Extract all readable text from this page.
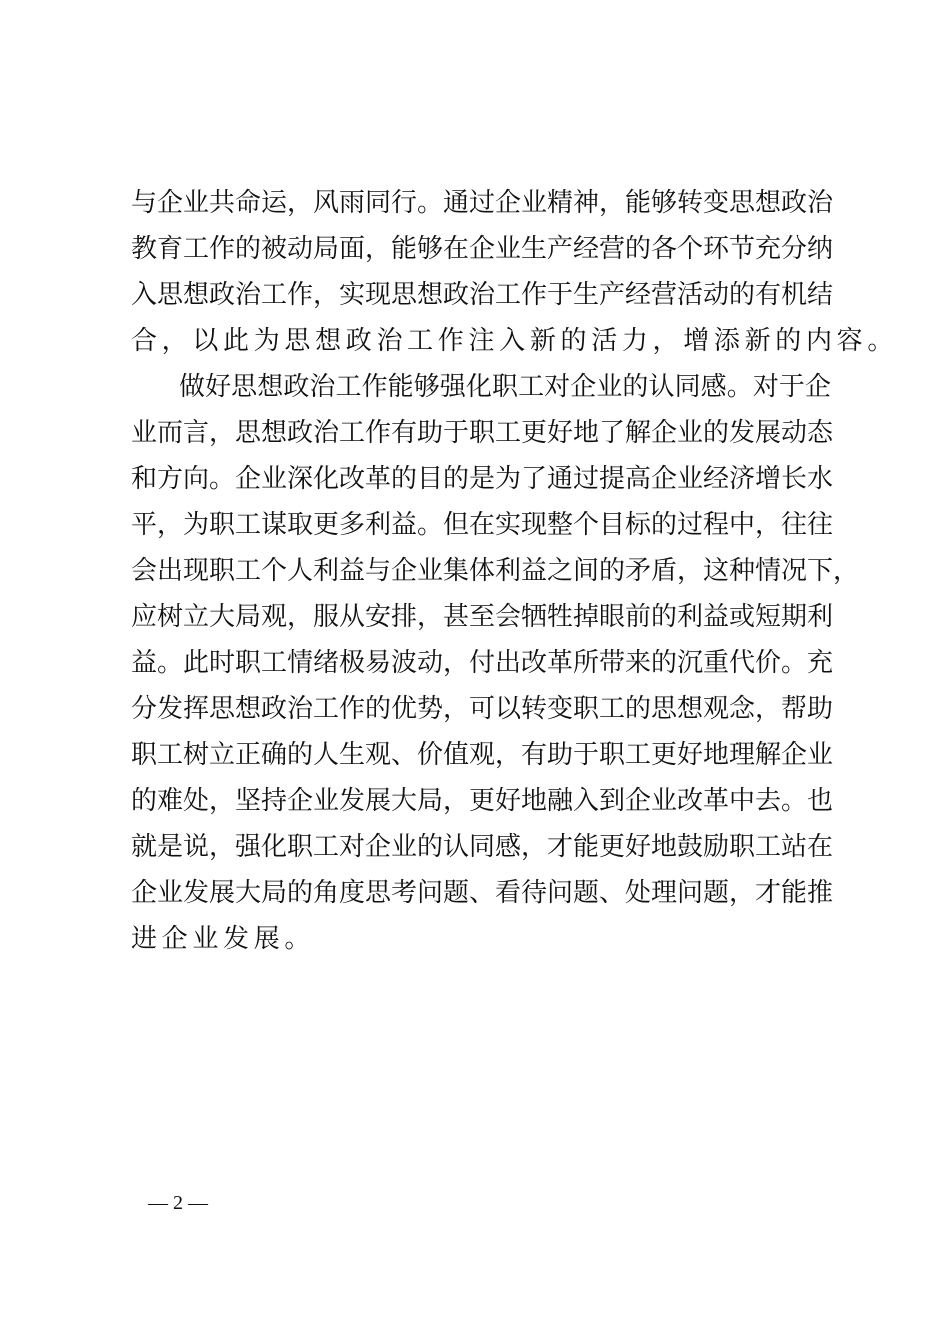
与企业共命运，风雨同行。通过企业精神，能够转变思想政治
教育工作的被动局面，能够在企业生产经营的各个环节充分纳
入思想政治工作，实现思想政治工作于生产经营活动的有机结
合，以此为思想政治工作注入新的活力，增添新的内容。
做好思想政治工作能够强化职工对企业的认同感。对于企
业而言，思想政治工作有助于职工更好地了解企业的发展动态
和方向。企业深化改革的目的是为了通过提高企业经济增长水
平，为职工谋取更多利益。但在实现整个目标的过程中，往往
会出现职工个人利益与企业集体利益之间的矛盾，这种情况下，
应树立大局观，服从安排，甚至会牺牲掉眼前的利益或短期利
益。此时职工情绪极易波动，付出改革所带来的沉重代价。充
分发挥思想政治工作的优势，可以转变职工的思想观念，帮助
职工树立正确的人生观、价值观，有助于职工更好地理解企业
的难处，坚持企业发展大局，更好地融入到企业改革中去。也
就是说，强化职工对企业的认同感，才能更好地鼓励职工站在
企业发展大局的角度思考问题、看待问题、处理问题，才能推
进企业发展。
— 2 —
